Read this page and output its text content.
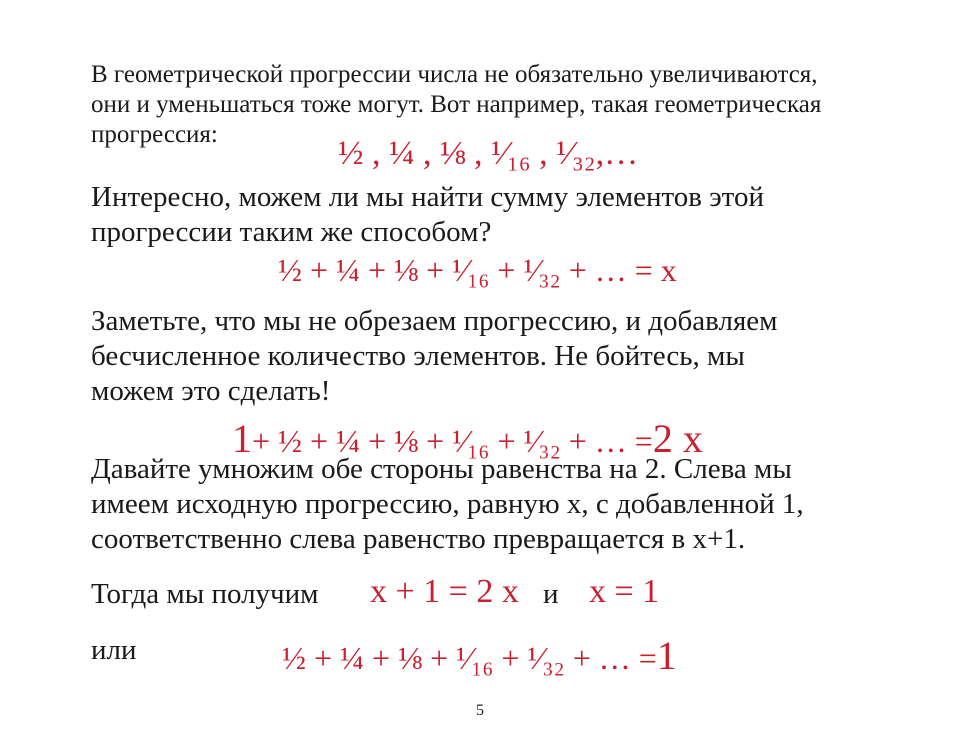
В геометрической прогрессии числа не обязательно увеличиваются,
они и уменьшаться тоже могут. Вот например, такая геометрическая
прогрессия:

½ , ¼ , ⅛ , ¹⁄₁₆ , ¹⁄₃₂,…

Интересно, можем ли мы найти сумму элементов этой
прогрессии таким же способом?

½ + ¼ + ⅛ + ¹⁄₁₆ + ¹⁄₃₂ + … = x

Заметьте, что мы не обрезаем прогрессию, и добавляем
бесчисленное количество элементов. Не бойтесь, мы
можем это сделать!

1+ ½ + ¼ + ⅛ + ¹⁄₁₆ + ¹⁄₃₂ + … =2 x

Давайте умножим обе стороны равенства на 2. Слева мы
имеем исходную прогрессию, равную x, с добавленной 1,
соответственно слева равенство превращается в x+1.

Тогда мы получим x + 1 = 2 x и x = 1
или	½ + ¼ + ⅛ + ¹⁄₁₆ + ¹⁄₃₂ + … =1
5
